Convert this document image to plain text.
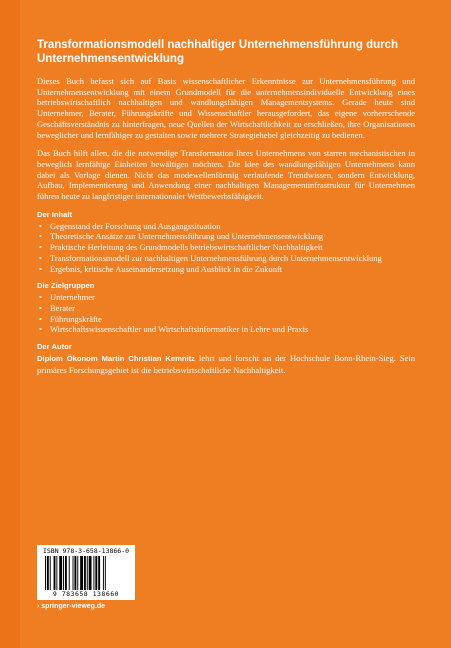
Transformationsmodell nachhaltiger Unternehmensführung durch Unternehmensentwicklung

Dieses Buch befasst sich auf Basis wissenschaftlicher Erkenntnisse zur Unternehmensführung und Unternehmensentwicklung mit einem Grundmodell für die unternehmensindividuelle Entwicklung eines betriebswirtschaftlich nachhaltigen und wandlungsfähigen Managementsystems. Gerade heute sind Unternehmer, Berater, Führungskräfte und Wissenschaftler herausgefordert, das eigene vorherrschende Geschäftsverständnis zu hinterfragen, neue Quellen der Wirtschaftlichkeit zu erschließen, ihre Organisationen beweglicher und lernfähiger zu gestalten sowie mehrere Strategiehebel gleichzeitig zu bedienen.

Das Buch hilft allen, die die notwendige Transformation Ihres Unternehmens von starren mechanistischen in beweglich lernfähige Einheiten bewältigen möchten. Die Idee des wandlungsfähigen Unternehmens kann dabei als Vorlage dienen. Nicht das modewellenförmig verlaufende Trendwissen, sondern Entwicklung, Aufbau, Implementierung und Anwendung einer nachhaltigen Managementinfrastruktur für Unternehmen führen heute zu langfristiger internationaler Wettbewerbsfähigkeit.

Der Inhalt
• Gegenstand der Forschung und Ausgangssituation
• Theoretische Ansätze zur Unternehmensführung und Unternehmensentwicklung
• Praktische Herleitung des Grundmodells betriebswirtschaftlicher Nachhaltigkeit
• Transformationsmodell zur nachhaltigen Unternehmensführung durch Unternehmensentwicklung
• Ergebnis, kritische Auseinandersetzung und Ausblick in die Zukunft
Die Zielgruppen
• Unternehmer
• Berater
• Führungskräfte
• Wirtschaftswissenschaftler und Wirtschaftsinformatiker in Lehre und Praxis
Der Autor

Diplom Ökonom Martin Christian Kemnitz lehrt und forscht an der Hochschule Bonn-Rhein-Sieg. Sein primäres Forschungsgebiet ist die betriebswirtschaftliche Nachhaltigkeit.

ISBN 978-3-658-13866-0
9 783658 138660
› springer-vieweg.de
